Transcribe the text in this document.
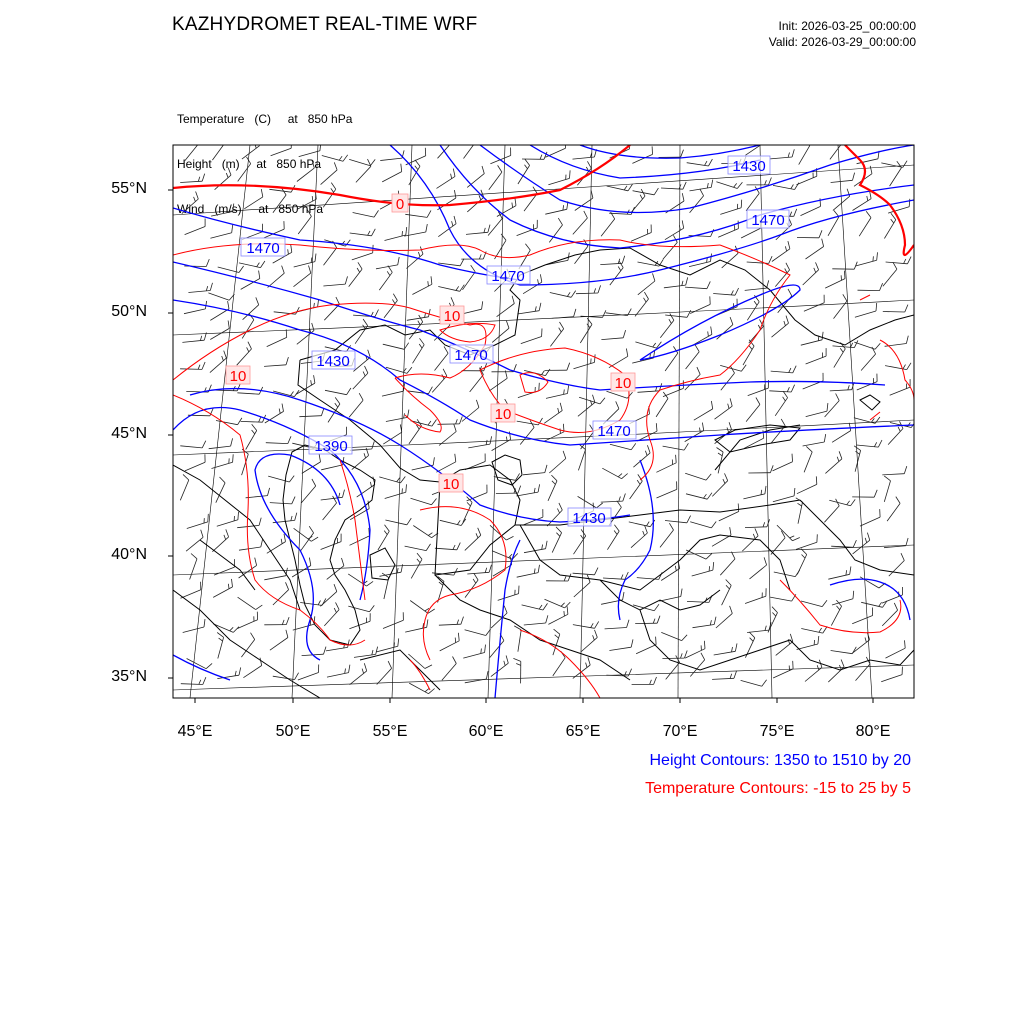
KAZHYDROMET REAL-TIME WRF	Init: 2026-03-25_00:00:00
Valid: 2026-03-29_00:00:00

Temperature   (C)     at   850 hPa

Height   (m)     at   850 hPa

Wind   (m/s)     at   850 hPa

1430
1470
1470
1470
1430	1470
1390
1470
1430
0
10
10	10
10
10
55°N
50°N
45°N
40°N
35°N
45°E	50°E	55°E	60°E	65°E	70°E	75°E	80°E
Height Contours: 1350 to 1510 by 20
Temperature Contours: -15 to 25 by 5
